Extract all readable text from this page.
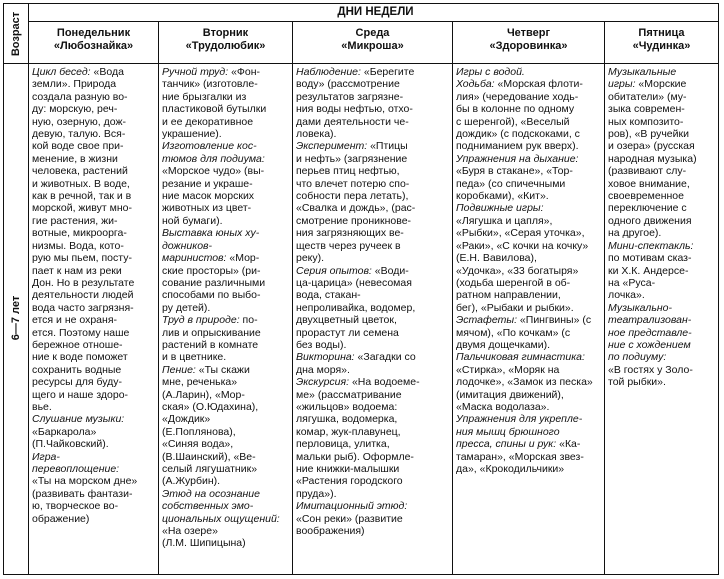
Возраст
6—7 лет
ДНИ НЕДЕЛИ
Понедельник
«Любознайка»
Вторник
«Трудолюбик»
Среда
«Микроша»
Четверг
«Здоровинка»
Пятница
«Чудинка»
Цикл бесед: «Вода
земли». Природа
создала разную во-
ду: морскую, реч-
ную, озерную, дож-
девую, талую. Вся-
кой воде свое при-
менение, в жизни
человека, растений
и животных. В воде,
как в речной, так и в
морской, живут мно-
гие растения, жи-
вотные, микроорга-
низмы. Вода, кото-
рую мы пьем, посту-
пает к нам из реки
Дон. Но в результате
деятельности людей
вода часто загрязня-
ется и не охраня-
ется. Поэтому наше
бережное отноше-
ние к воде поможет
сохранить водные
ресурсы для буду-
щего и наше здоро-
вье.
Слушание музыки:
«Баркарола»
(П.Чайковский).
Игра-
перевоплощение:
«Ты на морском дне»
(развивать фантази-
ю, творческое во-
ображение)
Ручной труд: «Фон-
танчик» (изготовле-
ние брызгалки из
пластиковой бутылки
и ее декоративное
украшение).
Изготовление кос-
тюмов для подиума:
«Морское чудо» (вы-
резание и украше-
ние масок морских
животных из цвет-
ной бумаги).
Выставка юных ху-
дожников-
маринистов: «Мор-
ские просторы» (ри-
сование различными
способами по выбо-
ру детей).
Труд в природе: по-
лив и опрыскивание
растений в комнате
и в цветнике.
Пение: «Ты скажи
мне, реченька»
(А.Ларин), «Мор-
ская» (О.Юдахина),
«Дождик»
(Е.Поплянова),
«Синяя вода»,
(В.Шаинский), «Ве-
селый лягушатник»
(А.Журбин).
Этюд на осознание
собственных эмо-
циональных ощущений: «На озере»
(Л.М. Шипицына)
Наблюдение: «Берегите
воду» (рассмотрение
результатов загрязне-
ния воды нефтью, отхо-
дами деятельности че-
ловека).
Эксперимент: «Птицы
и нефть» (загрязнение
перьев птиц нефтью,
что влечет потерю спо-
собности пера летать),
«Свалка и дождь», (рас-
смотрение проникнове-
ния загрязняющих ве-
ществ через ручеек в
реку).
Серия опытов: «Води-
ца-царица» (невесомая
вода, стакан-
непроливайка, водомер,
двухцветный цветок,
прорастут ли семена
без воды).
Викторина: «Загадки со
дна моря».
Экскурсия: «На водоеме-
ме» (рассматривание
«жильцов» водоема:
лягушка, водомерка,
комар, жук-плавунец,
перловица, улитка,
мальки рыб). Оформле-
ние книжки-малышки
«Растения городского
пруда»).
Имитационный этюд:
«Сон реки» (развитие
воображения)
Игры с водой.
Ходьба: «Морская флоти-
лия» (чередование ходь-
бы в колонне по одному
с шеренгой), «Веселый
дождик» (с подскоками, с
подниманием рук вверх).
Упражнения на дыхание:
«Буря в стакане», «Тор-
педа» (со спичечными
коробками), «Кит».
Подвижные игры:
«Лягушка и цапля»,
«Рыбки», «Серая уточка»,
«Раки», «С кочки на кочку»
(Е.Н. Вавилова),
«Удочка», «33 богатыря»
(ходьба шеренгой в об-
ратном направлении,
бег), «Рыбаки и рыбки».
Эстафеты: «Пингвины» (с
мячом), «По кочкам» (с
двумя дощечками).
Пальчиковая гимнастика:
«Стирка», «Моряк на
лодочке», «Замок из песка»
(имитация движений),
«Маска водолаза».
Упражнения для укрепле-
ния мышц брюшного
пресса, спины и рук: «Ка-
тамаран», «Морская звез-
да», «Крокодильчики»
Музыкальные
игры: «Морские
обитатели» (му-
зыка современ-
ных композито-
ров), «В ручейки
и озера» (русская
народная музыка)
(развивают слу-
ховое внимание,
своевременное
переключение с
одного движения
на другое).
Мини-спектакль:
по мотивам сказ-
ки Х.К. Андерсе-
на «Руса-
лочка».
Музыкально-
театрализован-
ное представле-
ние с хождением
по подиуму:
«В гостях у Золо-
той рыбки».
